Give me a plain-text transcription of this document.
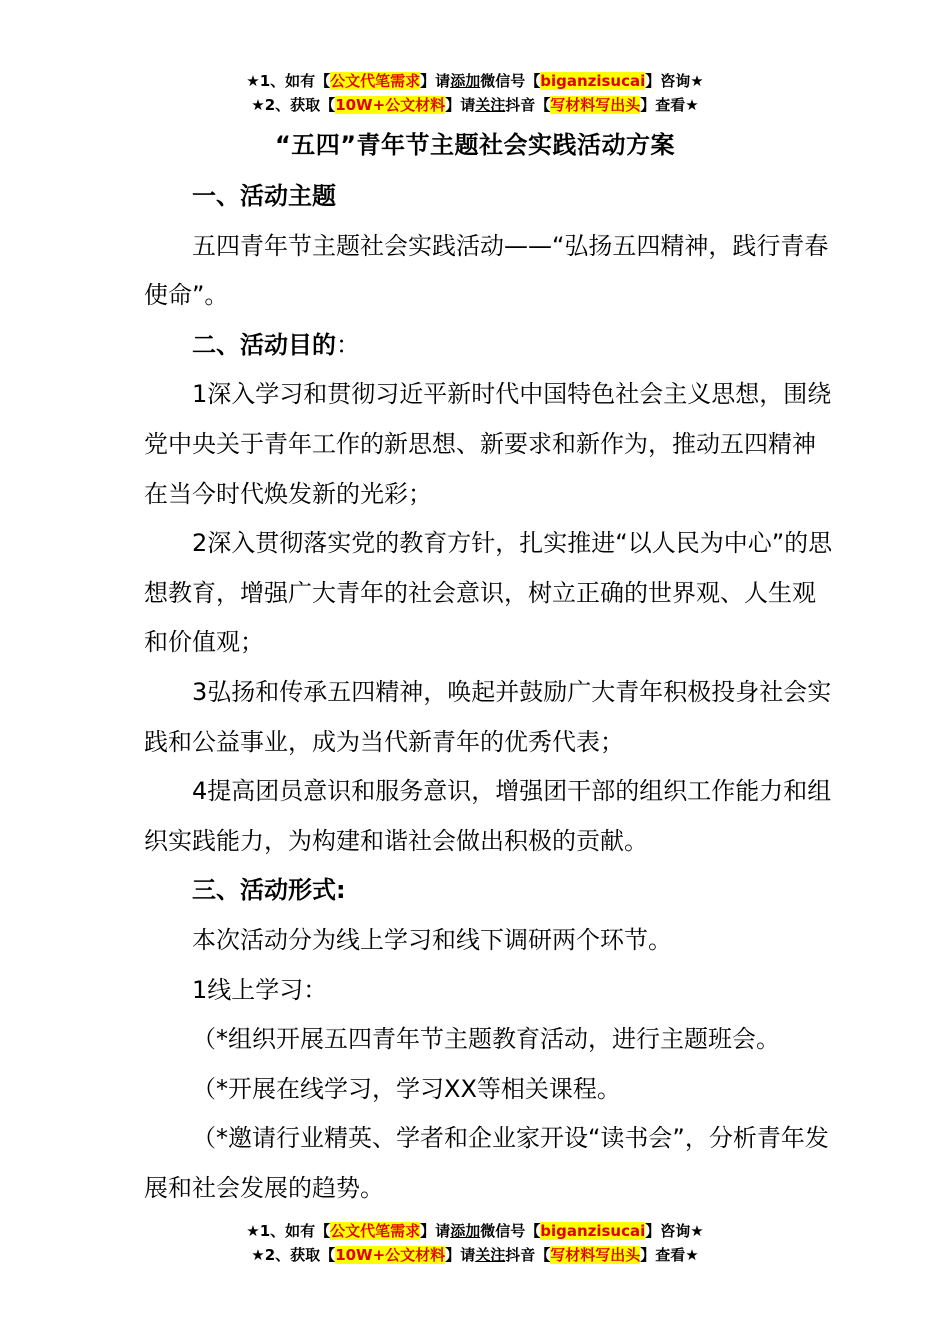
★1、如有【公文代笔需求】请添加微信号【biganzisucai】咨询★
★2、获取【10W+公文材料】请关注抖音【写材料写出头】查看★
“五四”青年节主题社会实践活动方案

一、活动主题

五四青年节主题社会实践活动——“弘扬五四精神，践行青春使命”。

二、活动目的：

1深入学习和贯彻习近平新时代中国特色社会主义思想，围绕党中央关于青年工作的新思想、新要求和新作为，推动五四精神在当今时代焕发新的光彩；

2深入贯彻落实党的教育方针，扎实推进“以人民为中心”的思想教育，增强广大青年的社会意识，树立正确的世界观、人生观和价值观；

3弘扬和传承五四精神，唤起并鼓励广大青年积极投身社会实践和公益事业，成为当代新青年的优秀代表；

4提高团员意识和服务意识，增强团干部的组织工作能力和组织实践能力，为构建和谐社会做出积极的贡献。

三、活动形式:

本次活动分为线上学习和线下调研两个环节。

1线上学习：

（*组织开展五四青年节主题教育活动，进行主题班会。

（*开展在线学习，学习XX等相关课程。

（*邀请行业精英、学者和企业家开设“读书会”，分析青年发展和社会发展的趋势。

★1、如有【公文代笔需求】请添加微信号【biganzisucai】咨询★
★2、获取【10W+公文材料】请关注抖音【写材料写出头】查看★
